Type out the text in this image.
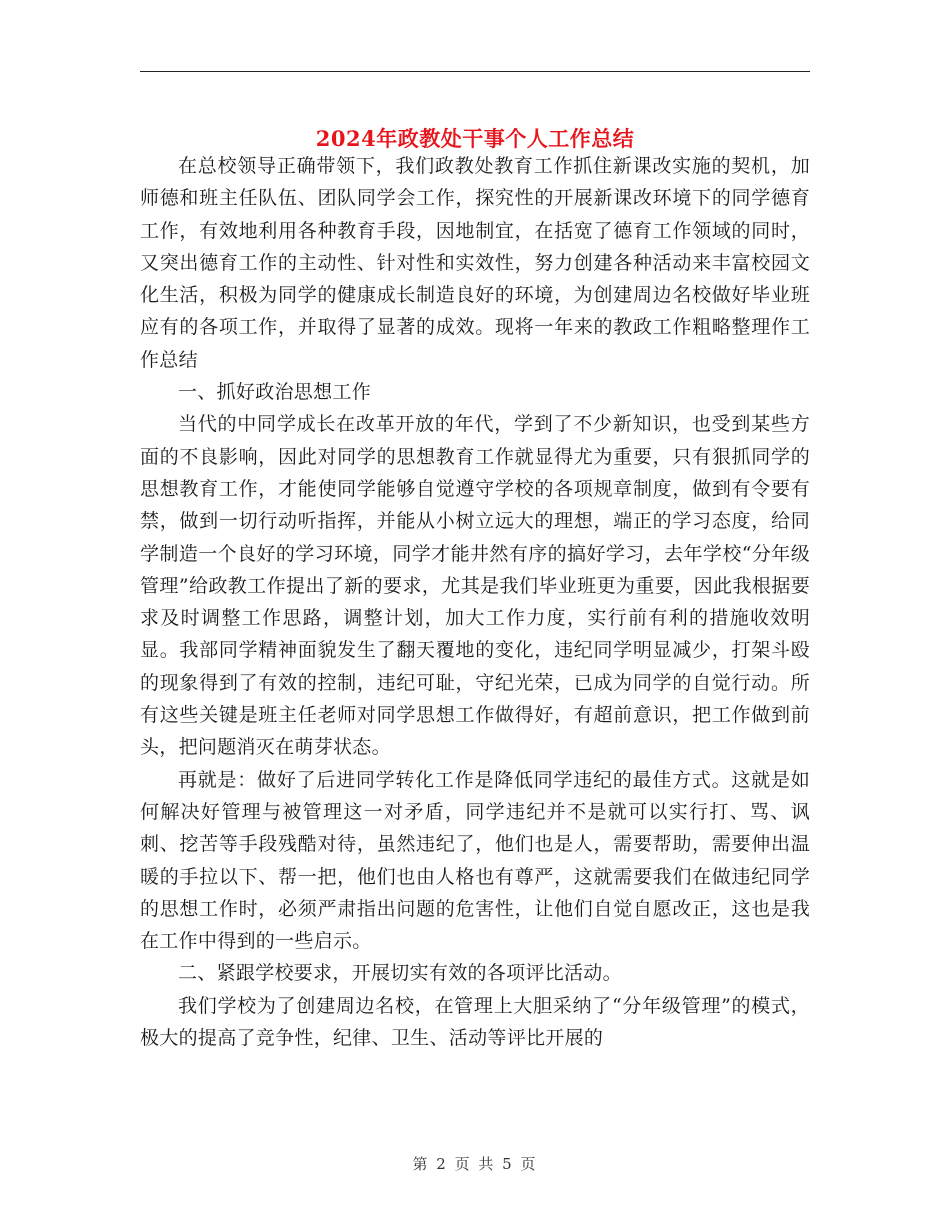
2024年政教处干事个人工作总结

在总校领导正确带领下，我们政教处教育工作抓住新课改实施的契机，加师德和班主任队伍、团队同学会工作，探究性的开展新课改环境下的同学德育工作，有效地利用各种教育手段，因地制宜，在括宽了德育工作领域的同时，又突出德育工作的主动性、针对性和实效性，努力创建各种活动来丰富校园文化生活，积极为同学的健康成长制造良好的环境，为创建周边名校做好毕业班应有的各项工作，并取得了显著的成效。现将一年来的教政工作粗略整理作工作总结

一、抓好政治思想工作

当代的中同学成长在改革开放的年代，学到了不少新知识，也受到某些方面的不良影响，因此对同学的思想教育工作就显得尤为重要，只有狠抓同学的思想教育工作，才能使同学能够自觉遵守学校的各项规章制度，做到有令要有禁，做到一切行动听指挥，并能从小树立远大的理想，端正的学习态度，给同学制造一个良好的学习环境，同学才能井然有序的搞好学习，去年学校“分年级管理”给政教工作提出了新的要求，尤其是我们毕业班更为重要，因此我根据要求及时调整工作思路，调整计划，加大工作力度，实行前有利的措施收效明显。我部同学精神面貌发生了翻天覆地的变化，违纪同学明显减少，打架斗殴的现象得到了有效的控制，违纪可耻，守纪光荣，已成为同学的自觉行动。所有这些关键是班主任老师对同学思想工作做得好，有超前意识，把工作做到前头，把问题消灭在萌芽状态。

再就是：做好了后进同学转化工作是降低同学违纪的最佳方式。这就是如何解决好管理与被管理这一对矛盾，同学违纪并不是就可以实行打、骂、讽刺、挖苦等手段残酷对待，虽然违纪了，他们也是人，需要帮助，需要伸出温暖的手拉以下、帮一把，他们也由人格也有尊严，这就需要我们在做违纪同学的思想工作时，必须严肃指出问题的危害性，让他们自觉自愿改正，这也是我在工作中得到的一些启示。

二、紧跟学校要求，开展切实有效的各项评比活动。

我们学校为了创建周边名校，在管理上大胆采纳了“分年级管理”的模式，极大的提高了竞争性，纪律、卫生、活动等评比开展的

第 2 页 共 5 页
